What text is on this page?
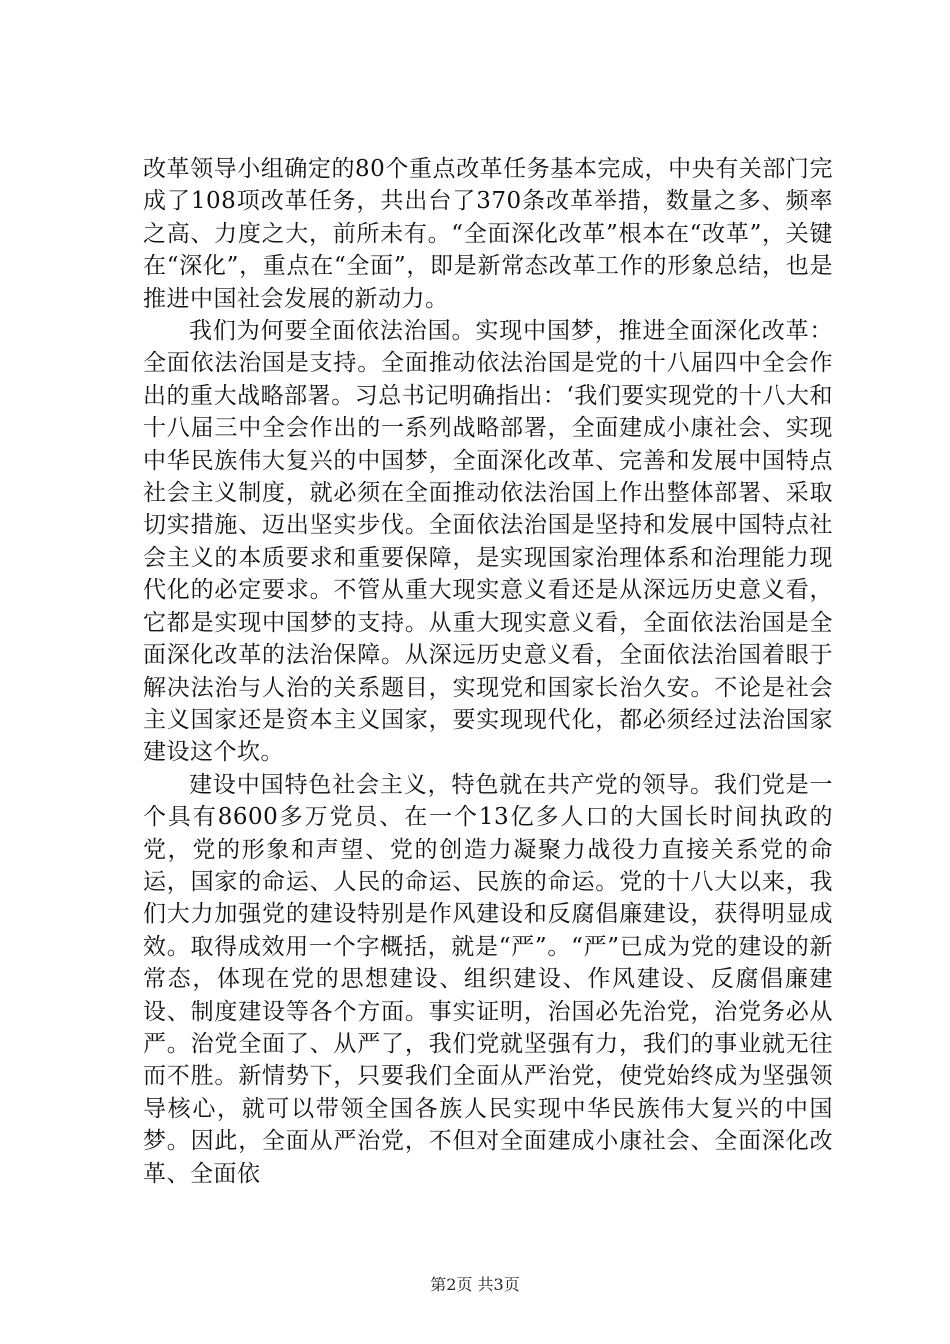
改革领导小组确定的80个重点改革任务基本完成，中央有关部门完成了108项改革任务，共出台了370条改革举措，数量之多、频率之高、力度之大，前所未有。“全面深化改革”根本在“改革”，关键在“深化”，重点在“全面”，即是新常态改革工作的形象总结，也是推进中国社会发展的新动力。

我们为何要全面依法治国。实现中国梦，推进全面深化改革：全面依法治国是支持。全面推动依法治国是党的十八届四中全会作出的重大战略部署。习总书记明确指出：‘我们要实现党的十八大和十八届三中全会作出的一系列战略部署，全面建成小康社会、实现中华民族伟大复兴的中国梦，全面深化改革、完善和发展中国特点社会主义制度，就必须在全面推动依法治国上作出整体部署、采取切实措施、迈出坚实步伐。全面依法治国是坚持和发展中国特点社会主义的本质要求和重要保障，是实现国家治理体系和治理能力现代化的必定要求。不管从重大现实意义看还是从深远历史意义看，它都是实现中国梦的支持。从重大现实意义看，全面依法治国是全面深化改革的法治保障。从深远历史意义看，全面依法治国着眼于解决法治与人治的关系题目，实现党和国家长治久安。不论是社会主义国家还是资本主义国家，要实现现代化，都必须经过法治国家建设这个坎。

建设中国特色社会主义，特色就在共产党的领导。我们党是一个具有8600多万党员、在一个13亿多人口的大国长时间执政的党，党的形象和声望、党的创造力凝聚力战役力直接关系党的命运，国家的命运、人民的命运、民族的命运。党的十八大以来，我们大力加强党的建设特别是作风建设和反腐倡廉建设，获得明显成效。取得成效用一个字概括，就是“严”。“严”已成为党的建设的新常态，体现在党的思想建设、组织建设、作风建设、反腐倡廉建设、制度建设等各个方面。事实证明，治国必先治党，治党务必从严。治党全面了、从严了，我们党就坚强有力，我们的事业就无往而不胜。新情势下，只要我们全面从严治党，使党始终成为坚强领导核心，就可以带领全国各族人民实现中华民族伟大复兴的中国梦。因此，全面从严治党，不但对全面建成小康社会、全面深化改革、全面依

第2页 共3页
